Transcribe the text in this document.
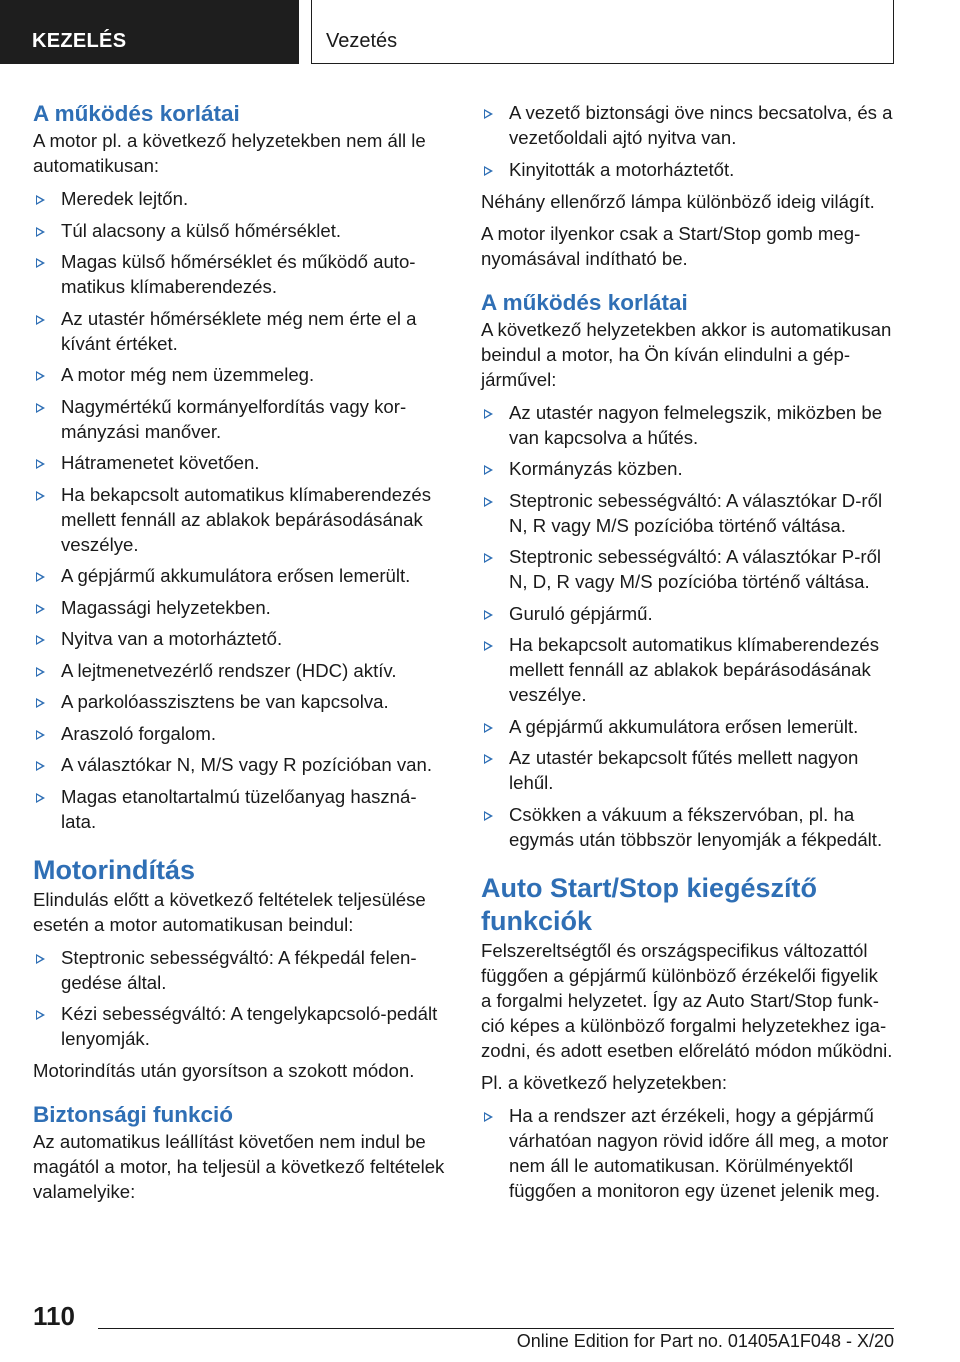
KEZELÉS	Vezetés
A működés korlátai

A motor pl. a következő helyzetekben nem áll le automatikusan:

Meredek lejtőn.
Túl alacsony a külső hőmérséklet.
Magas külső hőmérséklet és működő automatikus klímaberendezés.
Az utastér hőmérséklete még nem érte el a kívánt értéket.
A motor még nem üzemmeleg.
Nagymértékű kormányelfordítás vagy kormányzási manőver.
Hátramenetet követően.
Ha bekapcsolt automatikus klímaberendezés mellett fennáll az ablakok bepárásodásának veszélye.
A gépjármű akkumulátora erősen lemerült.
Magassági helyzetekben.
Nyitva van a motorháztető.
A lejtmenetvezérlő rendszer (HDC) aktív.
A parkolóasszisztens be van kapcsolva.
Araszoló forgalom.
A választókar N, M/S vagy R pozícióban van.
Magas etanoltartalmú tüzelőanyag használata.
Motorindítás

Elindulás előtt a következő feltételek teljesülése esetén a motor automatikusan beindul:

Steptronic sebességváltó: A fékpedál felengedése által.
Kézi sebességváltó: A tengelykapcsoló-pedált lenyomják.

Motorindítás után gyorsítson a szokott módon.

Biztonsági funkció

Az automatikus leállítást követően nem indul be magától a motor, ha teljesül a következő feltételek valamelyike:

A vezető biztonsági öve nincs becsatolva, és a vezetőoldali ajtó nyitva van.
Kinyitották a motorháztetőt.

Néhány ellenőrző lámpa különböző ideig világít.

A motor ilyenkor csak a Start/Stop gomb megnyomásával indítható be.

A működés korlátai

A következő helyzetekben akkor is automatikusan beindul a motor, ha Ön kíván elindulni a gépjárművel:

Az utastér nagyon felmelegszik, miközben be van kapcsolva a hűtés.
Kormányzás közben.
Steptronic sebességváltó: A választókar D-ről N, R vagy M/S pozícióba történő váltása.
Steptronic sebességváltó: A választókar P-ről N, D, R vagy M/S pozícióba történő váltása.
Guruló gépjármű.
Ha bekapcsolt automatikus klímaberendezés mellett fennáll az ablakok bepárásodásának veszélye.
A gépjármű akkumulátora erősen lemerült.
Az utastér bekapcsolt fűtés mellett nagyon lehűl.
Csökken a vákuum a fékszervóban, pl. ha egymás után többször lenyomják a fékpedált.
Auto Start/Stop kiegészítő funkciók

Felszereltségtől és országspecifikus változattól függően a gépjármű különböző érzékelői figyelik a forgalmi helyzetet. Így az Auto Start/Stop funkció képes a különböző forgalmi helyzetekhez igazodni, és adott esetben előrelátó módon működni.

Pl. a következő helyzetekben:

Ha a rendszer azt érzékeli, hogy a gépjármű várhatóan nagyon rövid időre áll meg, a motor nem áll le automatikusan. Körülményektől függően a monitoron egy üzenet jelenik meg.
110
Online Edition for Part no. 01405A1F048 - X/20
